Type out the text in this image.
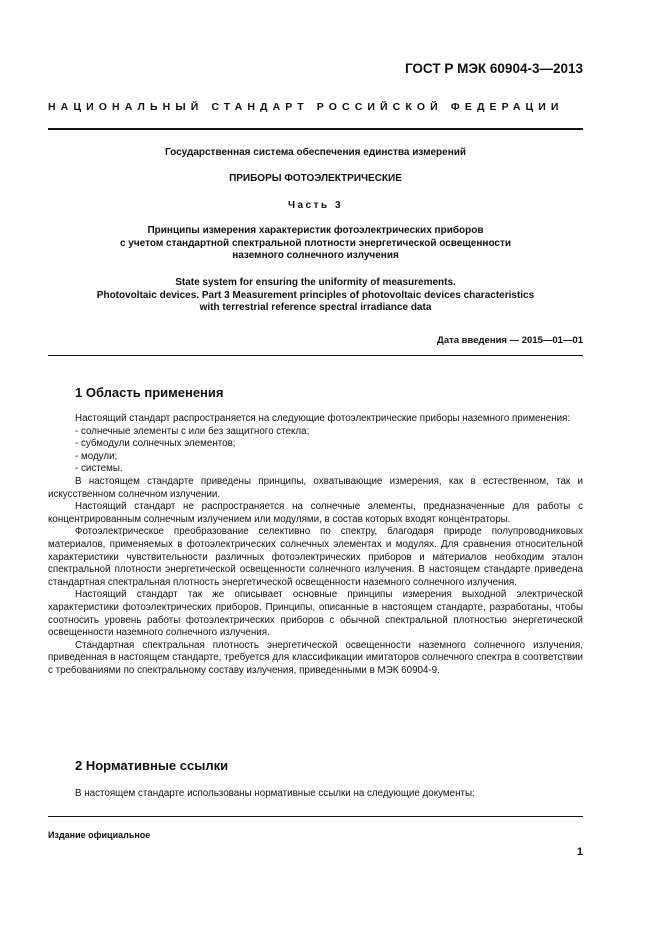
ГОСТ Р МЭК 60904-3—2013
НАЦИОНАЛЬНЫЙ СТАНДАРТ РОССИЙСКОЙ ФЕДЕРАЦИИ
Государственная система обеспечения единства измерений
ПРИБОРЫ ФОТОЭЛЕКТРИЧЕСКИЕ
Часть 3
Принципы измерения характеристик фотоэлектрических приборов
с учетом стандартной спектральной плотности энергетической освещенности
наземного солнечного излучения
State system for ensuring the uniformity of measurements.
Photovoltaic devices. Part 3 Measurement principles of photovoltaic devices characteristics
with terrestrial reference spectral irradiance data
Дата введения — 2015—01—01
1 Область применения

Настоящий стандарт распространяется на следующие фотоэлектрические приборы наземного применения:

- солнечные элементы с или без защитного стекла;

- субмодули солнечных элементов;

- модули;

- системы.

В настоящем стандарте приведены принципы, охватывающие измерения, как в естественном, так и искусственном солнечном излучении.

Настоящий стандарт не распространяется на солнечные элементы, предназначенные для работы с концентрированным солнечным излучением или модулями, в состав которых входят концентраторы.

Фотоэлектрическое преобразование селективно по спектру, благодаря природе полупроводниковых материалов, применяемых в фотоэлектрических солнечных элементах и модулях. Для сравнения относительной характеристики чувствительности различных фотоэлектрических приборов и материалов необходим эталон спектральной плотности энергетической освещенности солнечного излучения. В настоящем стандарте приведена стандартная спектральная плотность энергетической освещенности наземного солнечного излучения.

Настоящий стандарт так же описывает основные принципы измерения выходной электрической характеристики фотоэлектрических приборов. Принципы, описанные в настоящем стандарте, разработаны, чтобы соотносить уровень работы фотоэлектрических приборов с обычной спектральной плотностью энергетической освещенности наземного солнечного излучения.

Стандартная спектральная плотность энергетической освещенности наземного солнечного излучения, приведенная в настоящем стандарте, требуется для классификации имитаторов солнечного спектра в соответствии с требованиями по спектральному составу излучения, приведенными в МЭК 60904-9.

2 Нормативные ссылки

В настоящем стандарте использованы нормативные ссылки на следующие документы:

Издание официальное
1
